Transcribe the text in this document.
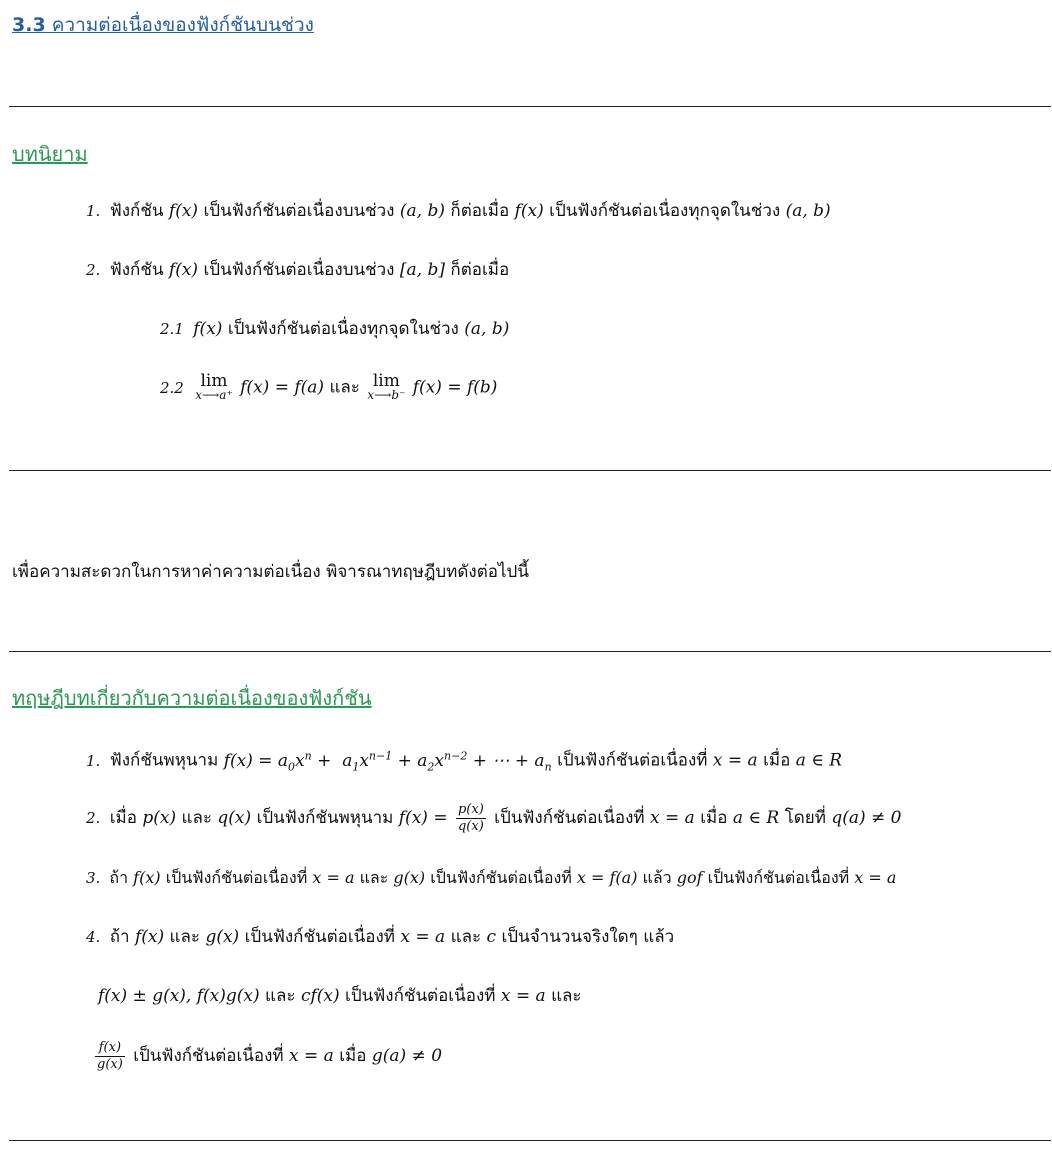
3.3 ความต่อเนื่องของฟังก์ชันบนช่วง
บทนิยาม
1. ฟังก์ชัน f(x) เป็นฟังก์ชันต่อเนื่องบนช่วง (a, b) ก็ต่อเมื่อ f(x) เป็นฟังก์ชันต่อเนื่องทุกจุดในช่วง (a, b)
2. ฟังก์ชัน f(x) เป็นฟังก์ชันต่อเนื่องบนช่วง [a, b] ก็ต่อเมื่อ
2.1 f(x) เป็นฟังก์ชันต่อเนื่องทุกจุดในช่วง (a, b)
2.2 lim
x⟶a⁺ f(x) = f(a) และ lim
x⟶b⁻ f(x) = f(b)
เพื่อความสะดวกในการหาค่าความต่อเนื่อง พิจารณาทฤษฎีบทดังต่อไปนี้
ทฤษฎีบทเกี่ยวกับความต่อเนื่องของฟังก์ชัน
1. ฟังก์ชันพหุนาม $f(x) = a_0x^n + a_1x^{n-1} + a_2x^{n-2}$ + ⋯ + $a_n$ เป็นฟังก์ชันต่อเนื่องที่ x = a เมื่อ a ∈ R
2. เมื่อ p(x) และ q(x) เป็นฟังก์ชันพหุนาม $f(x) = \frac{p(x)}{q(x)}$ เป็นฟังก์ชันต่อเนื่องที่ x = a เมื่อ a ∈ R โดยที่ q(a) ≠ 0
3. ถ้า f(x) เป็นฟังก์ชันต่อเนื่องที่ x = a และ g(x) เป็นฟังก์ชันต่อเนื่องที่ x = f(a) แล้ว gof เป็นฟังก์ชันต่อเนื่องที่ x = a
4. ถ้า f(x) และ g(x) เป็นฟังก์ชันต่อเนื่องที่ x = a และ c เป็นจำนวนจริงใดๆ แล้ว
f(x) ± g(x), f(x)g(x) และ cf(x) เป็นฟังก์ชันต่อเนื่องที่ x = a และ
$\frac{f(x)}{g(x)}$ เป็นฟังก์ชันต่อเนื่องที่ x = a เมื่อ g(a) ≠ 0
